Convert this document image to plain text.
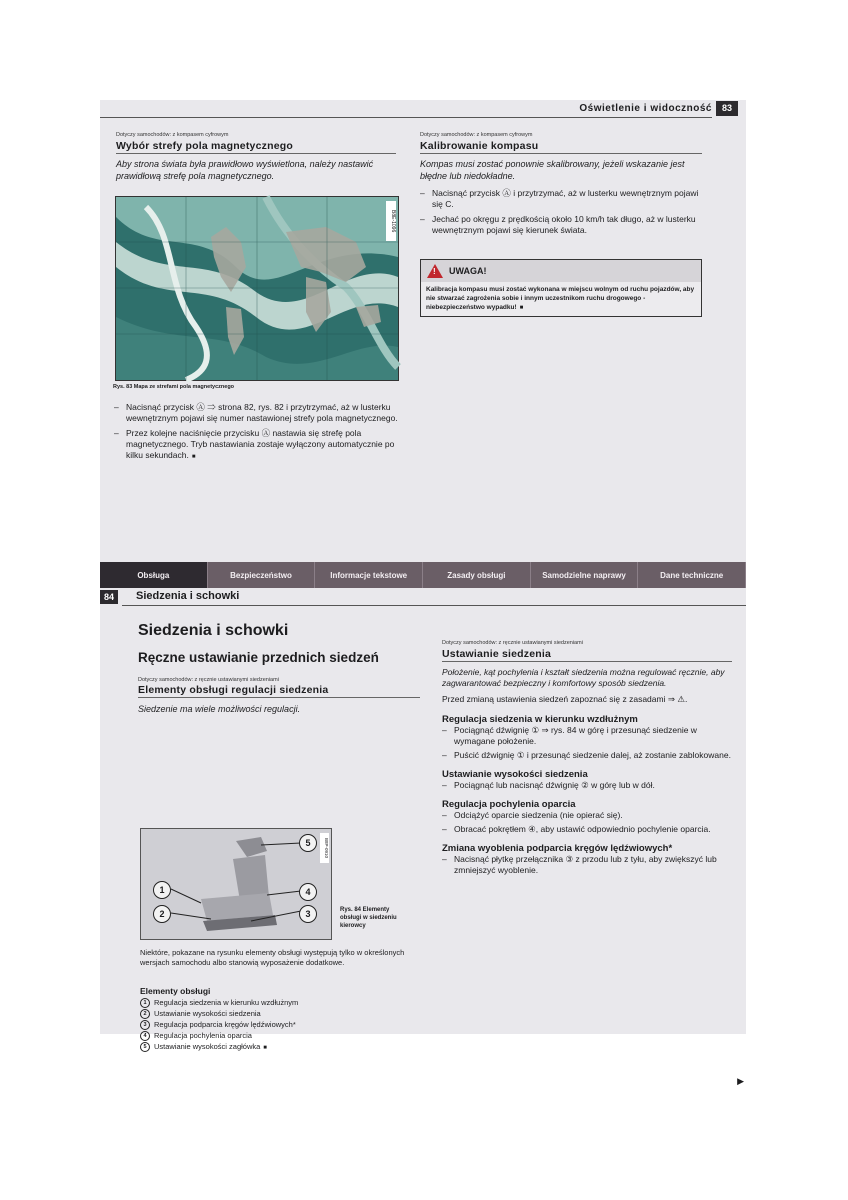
Oświetlenie i widoczność	83
Dotyczy samochodów: z kompasem cyfrowym
Wybór strefy pola magnetycznego
Aby strona świata była prawidłowo wyświetlona, należy nastawić prawidłową strefę pola magnetycznego.
B8E-1096
Rys. 83 Mapa ze strefami pola magnetycznego
– Nacisnąć przycisk Ⓐ ⇒ strona 82, rys. 82 i przytrzymać, aż w lusterku wewnętrznym pojawi się numer nastawionej strefy pola magnetycznego.
– Przez kolejne naciśnięcie przycisku Ⓐ nastawia się strefę pola magnetycznego. Tryb nastawiania zostaje wyłączony automatycznie po kilku sekundach. ■
Dotyczy samochodów: z kompasem cyfrowym
Kalibrowanie kompasu
Kompas musi zostać ponownie skalibrowany, jeżeli wskazanie jest błędne lub niedokładne.
– Nacisnąć przycisk Ⓐ i przytrzymać, aż w lusterku wewnętrznym pojawi się C.
– Jechać po okręgu z prędkością około 10 km/h tak długo, aż w lusterku wewnętrznym pojawi się kierunek świata.
! UWAGA!
Kalibracja kompasu musi zostać wykonana w miejscu wolnym od ruchu pojazdów, aby nie stwarzać zagrożenia sobie i innym uczestnikom ruchu drogowego - niebezpieczeństwo wypadku! ■
Obsługa	Bezpieczeństwo	Informacje tekstowe	Zasady obsługi	Samodzielne naprawy	Dane techniczne
84	Siedzenia i schowki
Siedzenia i schowki
Ręczne ustawianie przednich siedzeń
Dotyczy samochodów: z ręcznie ustawianymi siedzeniami
Elementy obsługi regulacji siedzenia
Siedzenie ma wiele możliwości regulacji.
B8P-0910
5
1	4
2	3	Rys. 84 Elementy
obsługi w siedzeniu
kierowcy
Niektóre, pokazane na rysunku elementy obsługi występują tylko w określonych wersjach samochodu albo stanowią wyposażenie dodatkowe.
Elementy obsługi
1 Regulacja siedzenia w kierunku wzdłużnym
2 Ustawianie wysokości siedzenia
3 Regulacja podparcia kręgów lędźwiowych*
4 Regulacja pochylenia oparcia
5 Ustawianie wysokości zagłówka ■
Dotyczy samochodów: z ręcznie ustawianymi siedzeniami
Ustawianie siedzenia
Położenie, kąt pochylenia i kształt siedzenia można regulować ręcznie, aby zagwarantować bezpieczny i komfortowy sposób siedzenia.
Przed zmianą ustawienia siedzeń zapoznać się z zasadami ⇒ ⚠.
Regulacja siedzenia w kierunku wzdłużnym
– Pociągnąć dźwignię ① ⇒ rys. 84 w górę i przesunąć siedzenie w wymagane położenie.
– Puścić dźwignię ① i przesunąć siedzenie dalej, aż zostanie zablokowane.
Ustawianie wysokości siedzenia
– Pociągnąć lub nacisnąć dźwignię ② w górę lub w dół.
Regulacja pochylenia oparcia
– Odciążyć oparcie siedzenia (nie opierać się).
– Obracać pokrętłem ④, aby ustawić odpowiednio pochylenie oparcia.
Zmiana wyoblenia podparcia kręgów lędźwiowych*
– Nacisnąć płytkę przełącznika ③ z przodu lub z tyłu, aby zwiększyć lub zmniejszyć wyoblenie.
▶
